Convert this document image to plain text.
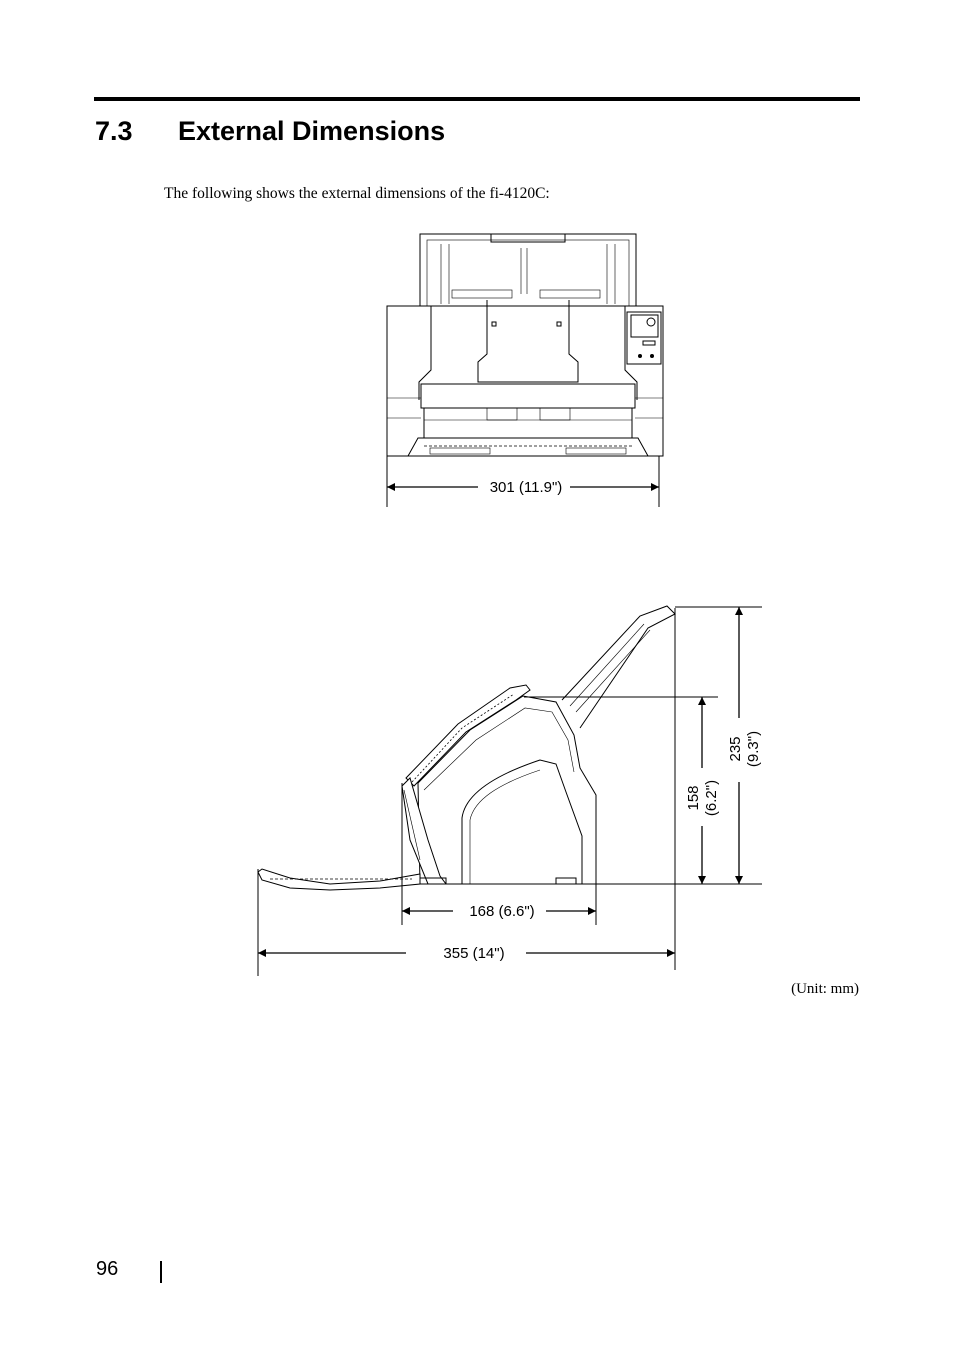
7.3 External Dimensions
The following shows the external dimensions of the fi-4120C:
301 (11.9")
168 (6.6")
355 (14")
158 (6.2")
235 (9.3")
(Unit: mm)
96
